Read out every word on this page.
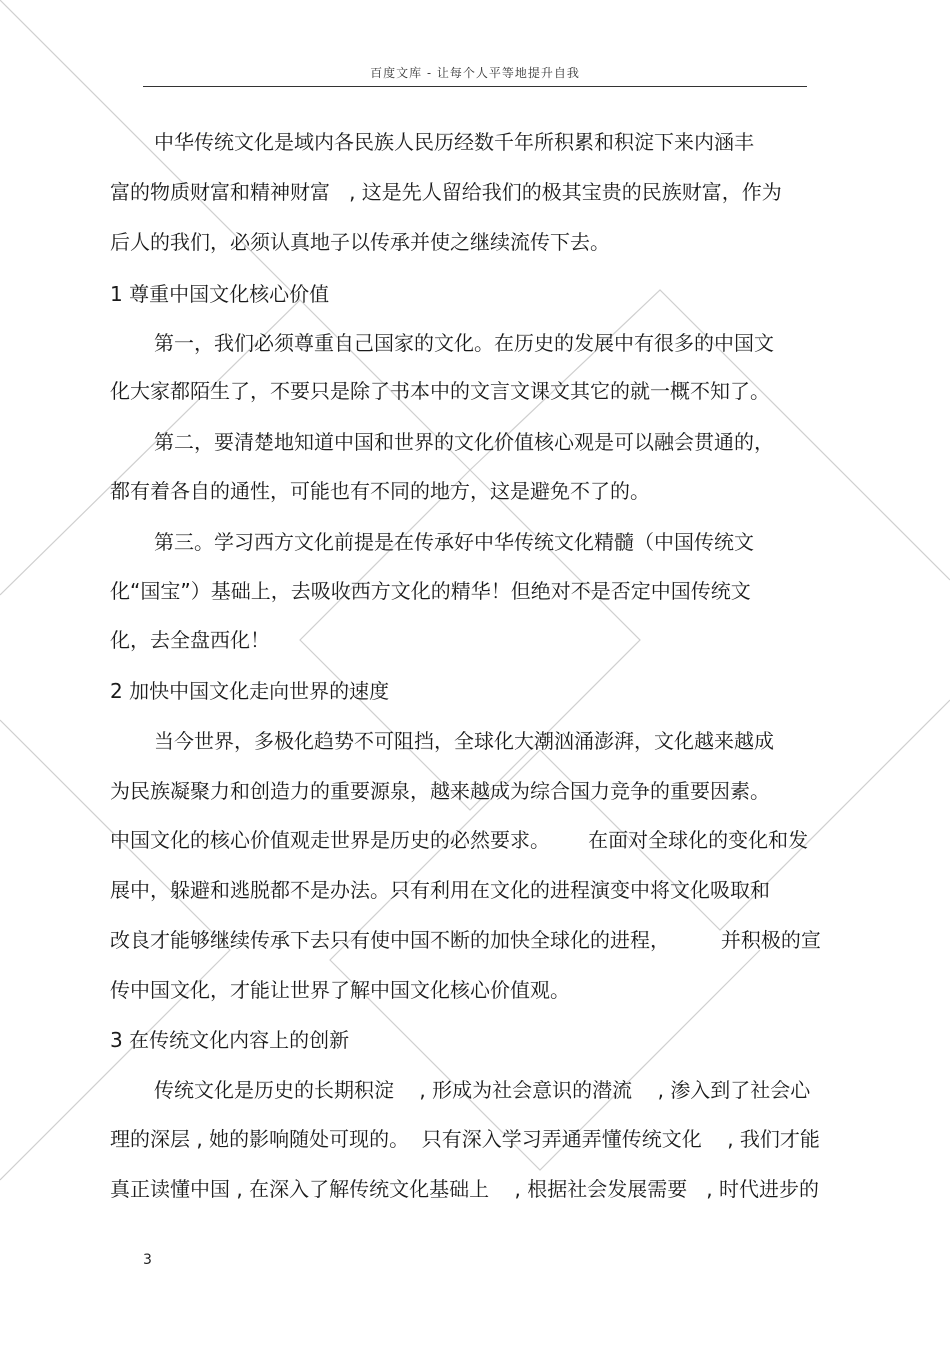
百度文库 - 让每个人平等地提升自我
中华传统文化是域内各民族人民历经数千年所积累和积淀下来内涵丰
富的物质财富和精神财富   , 这是先人留给我们的极其宝贵的民族财富，作为
后人的我们，必须认真地子以传承并使之继续流传下去。
1 尊重中国文化核心价值
第一，我们必须尊重自己国家的文化。在历史的发展中有很多的中国文
化大家都陌生了，不要只是除了书本中的文言文课文其它的就一概不知了。
第二，要清楚地知道中国和世界的文化价值核心观是可以融会贯通的，
都有着各自的通性，可能也有不同的地方，这是避免不了的。
第三。学习西方文化前提是在传承好中华传统文化精髓（中国传统文
化“国宝”）基础上，去吸收西方文化的精华！但绝对不是否定中国传统文
化，去全盘西化！
2 加快中国文化走向世界的速度
当今世界，多极化趋势不可阻挡，全球化大潮汹涌澎湃，文化越来越成
为民族凝聚力和创造力的重要源泉，越来越成为综合国力竞争的重要因素。
中国文化的核心价值观走世界是历史的必然要求。      在面对全球化的变化和发
展中，躲避和逃脱都不是办法。只有利用在文化的进程演变中将文化吸取和
改良才能够继续传承下去只有使中国不断的加快全球化的进程，        并积极的宣
传中国文化，才能让世界了解中国文化核心价值观。
3 在传统文化内容上的创新
传统文化是历史的长期积淀    , 形成为社会意识的潜流    , 渗入到了社会心
理的深层 , 她的影响随处可现的。  只有深入学习弄通弄懂传统文化    , 我们才能
真正读懂中国 , 在深入了解传统文化基础上    , 根据社会发展需要   , 时代进步的
3
